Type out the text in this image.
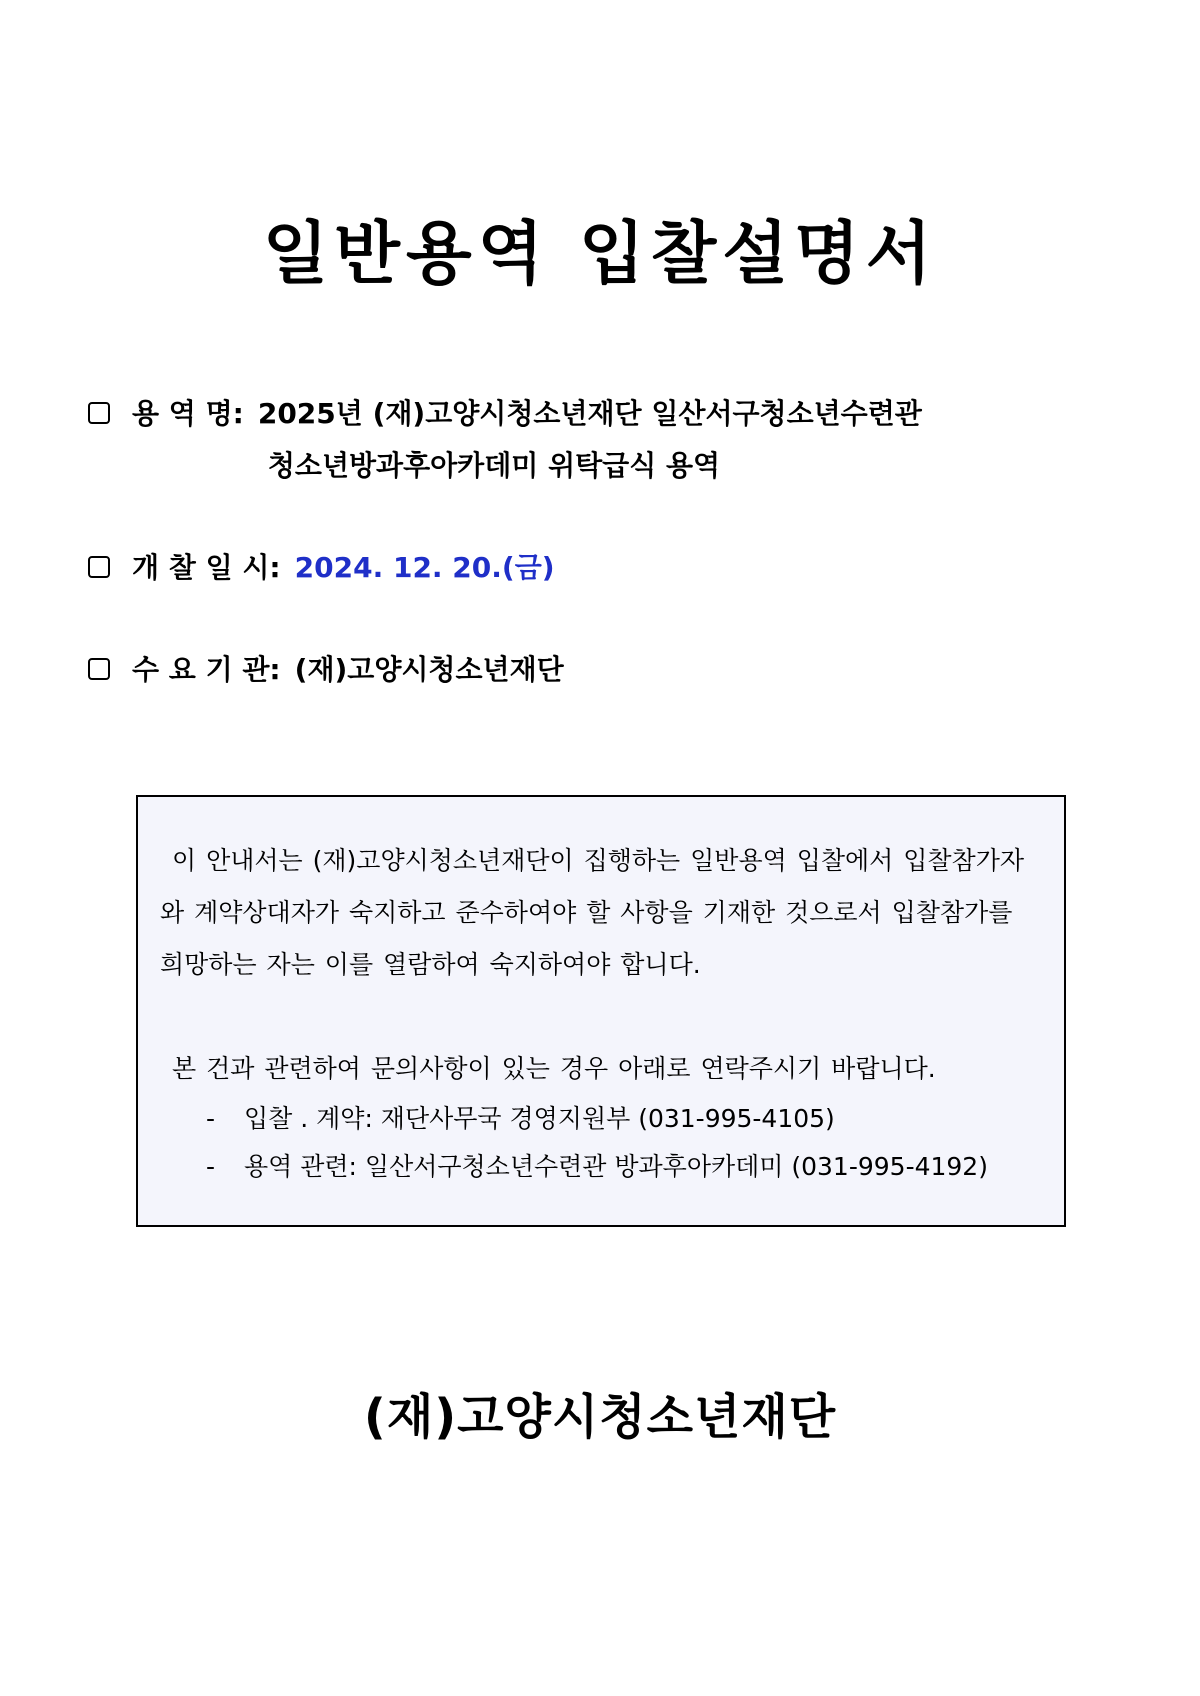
일반용역 입찰설명서
용 역 명: 2025년 (재)고양시청소년재단 일산서구청소년수련관
청소년방과후아카데미 위탁급식 용역
개 찰 일 시: 2024. 12. 20.(금)
수 요 기 관: (재)고양시청소년재단

이 안내서는 (재)고양시청소년재단이 집행하는 일반용역 입찰에서 입찰참가자와 계약상대자가 숙지하고 준수하여야 할 사항을 기재한 것으로서 입찰참가를 희망하는 자는 이를 열람하여 숙지하여야 합니다.

본 건과 관련하여 문의사항이 있는 경우 아래로 연락주시기 바랍니다.

- 입찰 . 계약: 재단사무국 경영지원부 (031-995-4105)

- 용역 관련: 일산서구청소년수련관 방과후아카데미 (031-995-4192)

(재)고양시청소년재단
